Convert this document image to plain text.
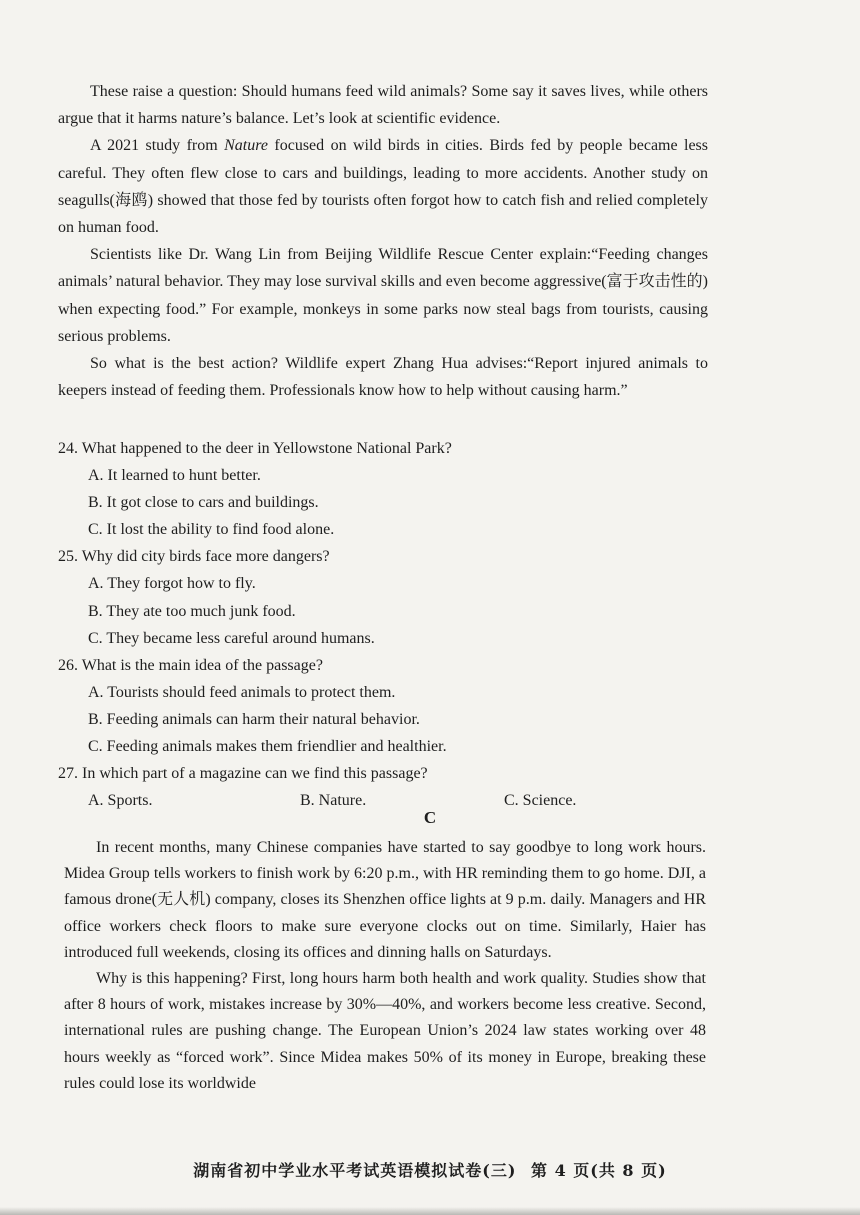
These raise a question: Should humans feed wild animals? Some say it saves lives, while others argue that it harms nature’s balance. Let’s look at scientific evidence.

A 2021 study from Nature focused on wild birds in cities. Birds fed by people became less careful. They often flew close to cars and buildings, leading to more accidents. Another study on seagulls(海鸥) showed that those fed by tourists often forgot how to catch fish and relied completely on human food.

Scientists like Dr. Wang Lin from Beijing Wildlife Rescue Center explain:“Feeding changes animals’ natural behavior. They may lose survival skills and even become aggressive(富于攻击性的) when expecting food.” For example, monkeys in some parks now steal bags from tourists, causing serious problems.

So what is the best action? Wildlife expert Zhang Hua advises:“Report injured animals to keepers instead of feeding them. Professionals know how to help without causing harm.”

24. What happened to the deer in Yellowstone National Park?

A. It learned to hunt better.

B. It got close to cars and buildings.

C. It lost the ability to find food alone.

25. Why did city birds face more dangers?

A. They forgot how to fly.

B. They ate too much junk food.

C. They became less careful around humans.

26. What is the main idea of the passage?

A. Tourists should feed animals to protect them.

B. Feeding animals can harm their natural behavior.

C. Feeding animals makes them friendlier and healthier.

27. In which part of a magazine can we find this passage?

A. Sports.	B. Nature.	C. Science.
C

In recent months, many Chinese companies have started to say goodbye to long work hours. Midea Group tells workers to finish work by 6:20 p.m., with HR reminding them to go home. DJI, a famous drone(无人机) company, closes its Shenzhen office lights at 9 p.m. daily. Managers and HR office workers check floors to make sure everyone clocks out on time. Similarly, Haier has introduced full weekends, closing its offices and dinning halls on Saturdays.

Why is this happening? First, long hours harm both health and work quality. Studies show that after 8 hours of work, mistakes increase by 30%—40%, and workers become less creative. Second, international rules are pushing change. The European Union’s 2024 law states working over 48 hours weekly as “forced work”. Since Midea makes 50% of its money in Europe, breaking these rules could lose its worldwide

湖南省初中学业水平考试英语模拟试卷(三) 第 4 页(共 8 页)
